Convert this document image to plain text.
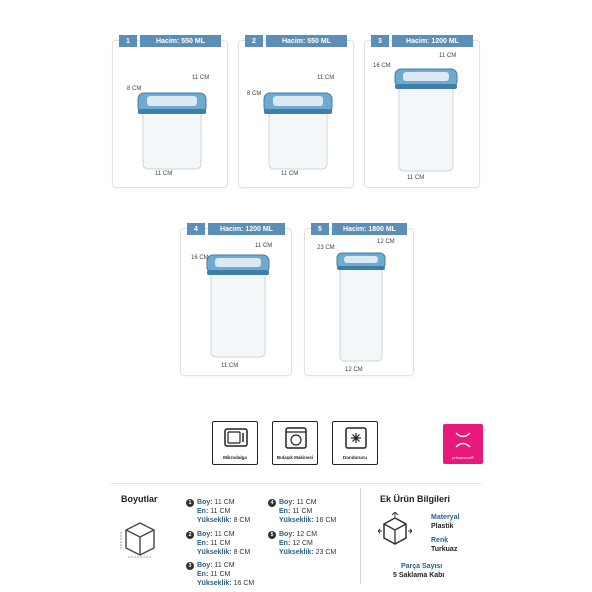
1	Hacim: 550 ML
8 CM
11 CM
11 CM
2	Hacim: 550 ML
8 CM
11 CM
11 CM
3	Hacim: 1200 ML
16 CM
11 CM
11 CM
4	Hacim: 1200 ML
16 CM
11 CM
11 CM
5	Hacim: 1800 ML
23 CM
12 CM
12 CM
Mikrodalga	Bulaşık Makinesi	Dondurucu	primanova®
Boyutlar	1 Boy: 11 CM
En: 11 CM
Yükseklik: 8 CM
2 Boy: 11 CM
En: 11 CM
Yükseklik: 8 CM
3 Boy: 11 CM
En: 11 CM
Yükseklik: 16 CM
4 Boy: 11 CM
En: 11 CM
Yükseklik: 16 CM
5 Boy: 12 CM
En: 12 CM
Yükseklik: 23 CM
Ek Ürün Bilgileri
Materyal
Plastik
Renk
Turkuaz
Parça Sayısı
5 Saklama Kabı
